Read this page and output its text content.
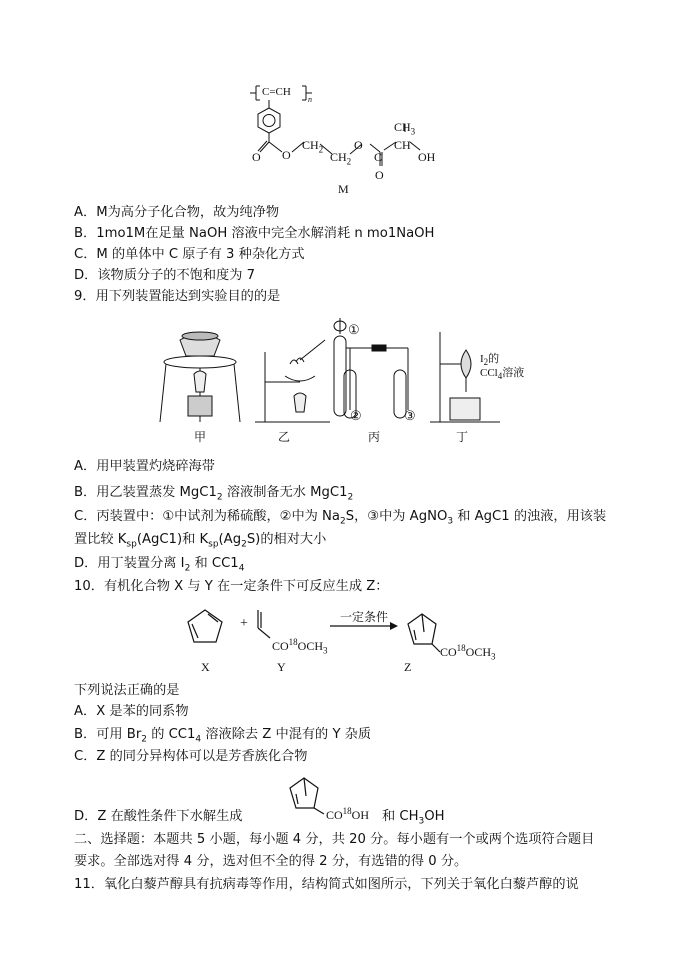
C=CH
n
O O
$CH_2$
$CH_2$
O
C
O
CH
$CH_3$
OH
M
A．M为高分子化合物，故为纯净物
B．1mo1M在足量 NaOH 溶液中完全水解消耗 n mo1NaOH
C．M 的单体中 C 原子有 3 种杂化方式
D．该物质分子的不饱和度为 7
9．用下列装置能达到实验目的的是
①
②	③
$I_2$的
CCl$_4$溶液
甲	乙	丙	丁
A．用甲装置灼烧碎海带
B．用乙装置蒸发 $MgC1_2$ 溶液制备无水 $MgC1_2$
C．丙装置中：①中试剂为稀硫酸，②中为 $Na_2S$，③中为 AgNO$_3$ 和 AgC1 的浊液，用该装
置比较 $K_{sp}(AgC1)$和 $K_{sp}(Ag_2S)$的相对大小
D．用丁装置分离 $I_2$ 和 $CC1_4$
10．有机化合物 X 与 Y 在一定条件下可反应生成 Z：
+
$CO^{18}OCH_3$
一定条件
$CO^{18}OCH_3$
X	Y	Z
下列说法正确的是
A．X 是苯的同系物
B．可用 $Br_2$ 的 $CC1_4$ 溶液除去 Z 中混有的 Y 杂质
C．Z 的同分异构体可以是芳香族化合物
CO$^{18}$OH
D．Z 在酸性条件下水解生成	和 $CH_3OH$
二、选择题：本题共 5 小题，每小题 4 分，共 20 分。每小题有一个或两个选项符合题目
要求。全部选对得 4 分，选对但不全的得 2 分，有选错的得 0 分。
11．氧化白藜芦醇具有抗病毒等作用，结构简式如图所示，下列关于氧化白藜芦醇的说
